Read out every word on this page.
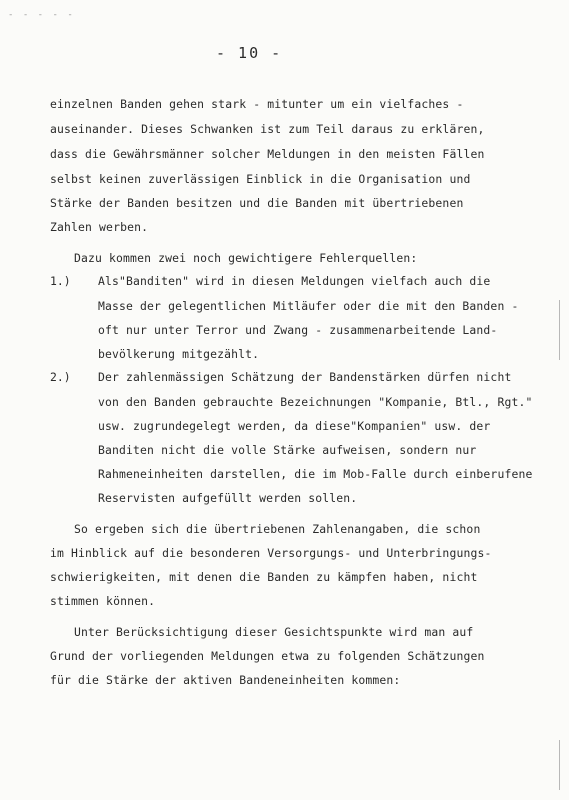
- - - - -
- 10 -
einzelnen Banden gehen stark - mitunter um ein vielfaches -
auseinander. Dieses Schwanken ist zum Teil daraus zu erklären,
dass die Gewährsmänner solcher Meldungen in den meisten Fällen
selbst keinen zuverlässigen Einblick in die Organisation und
Stärke der Banden besitzen und die Banden mit übertriebenen
Zahlen werben.
Dazu kommen zwei noch gewichtigere Fehlerquellen:
1.) Als"Banditen" wird in diesen Meldungen vielfach auch die
Masse der gelegentlichen Mitläufer oder die mit den Banden -
oft nur unter Terror und Zwang - zusammenarbeitende Land-
bevölkerung mitgezählt.
2.) Der zahlenmässigen Schätzung der Bandenstärken dürfen nicht
von den Banden gebrauchte Bezeichnungen "Kompanie, Btl., Rgt."
usw. zugrundegelegt werden, da diese"Kompanien" usw. der
Banditen nicht die volle Stärke aufweisen, sondern nur
Rahmeneinheiten darstellen, die im Mob-Falle durch einberufene
Reservisten aufgefüllt werden sollen.
So ergeben sich die übertriebenen Zahlenangaben, die schon
im Hinblick auf die besonderen Versorgungs- und Unterbringungs-
schwierigkeiten, mit denen die Banden zu kämpfen haben, nicht
stimmen können.
Unter Berücksichtigung dieser Gesichtspunkte wird man auf
Grund der vorliegenden Meldungen etwa zu folgenden Schätzungen
für die Stärke der aktiven Bandeneinheiten kommen:
